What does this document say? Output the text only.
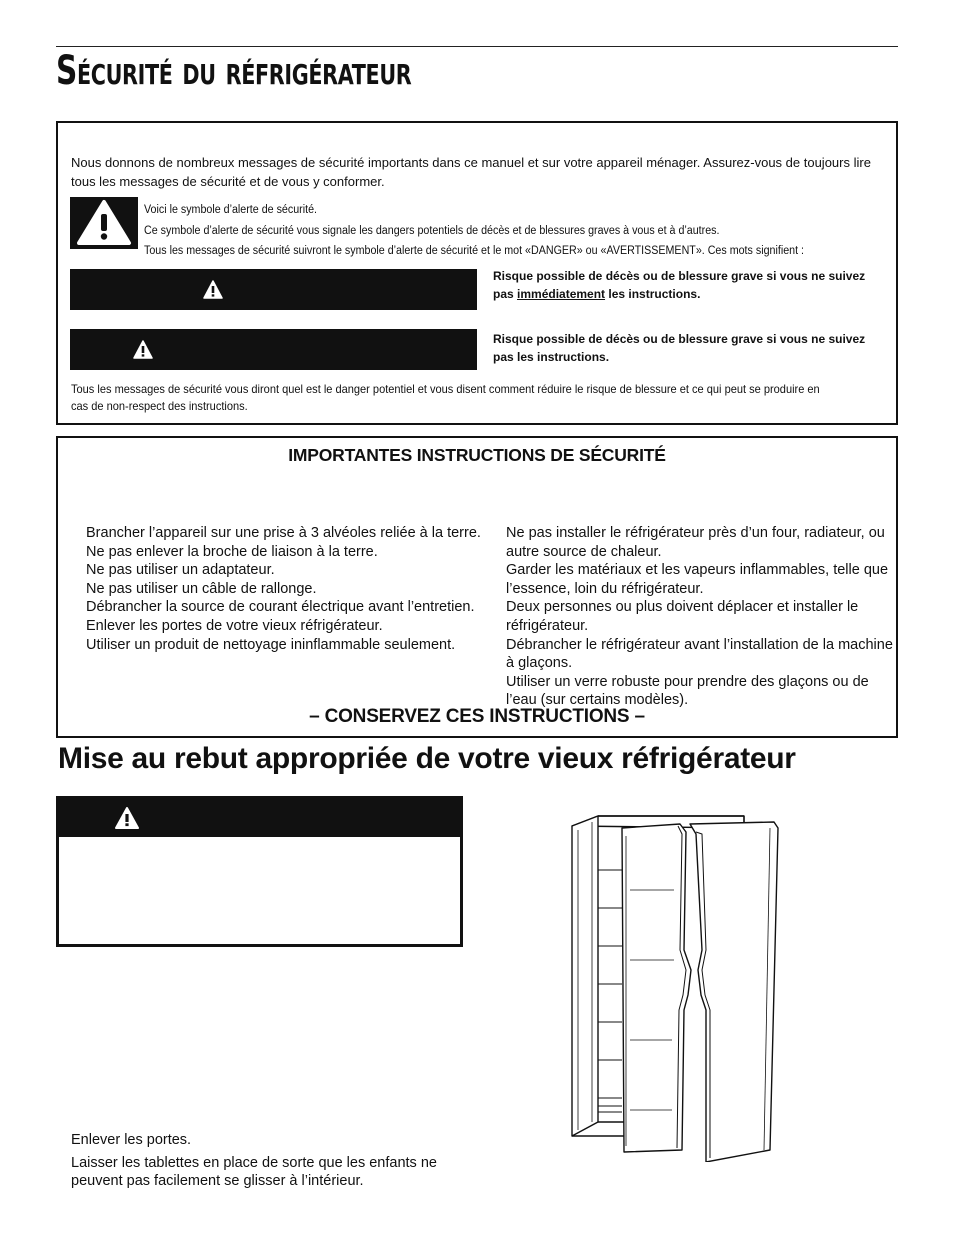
Sécurité du réfrigérateur

Nous donnons de nombreux messages de sécurité importants dans ce manuel et sur votre appareil ménager. Assurez-vous de toujours lire tous les messages de sécurité et de vous y conformer.

Voici le symbole d’alerte de sécurité.
Ce symbole d’alerte de sécurité vous signale les dangers potentiels de décès et de blessures graves à vous et à d’autres.
Tous les messages de sécurité suivront le symbole d’alerte de sécurité et le mot «DANGER» ou «AVERTISSEMENT». Ces mots signifient :

Risque possible de décès ou de blessure grave si vous ne suivez pas immédiatement les instructions.

Risque possible de décès ou de blessure grave si vous ne suivez pas les instructions.

Tous les messages de sécurité vous diront quel est le danger potentiel et vous disent comment réduire le risque de blessure et ce qui peut se produire en cas de non-respect des instructions.

IMPORTANTES INSTRUCTIONS DE SÉCURITÉ
Brancher l’appareil sur une prise à 3 alvéoles reliée à la terre.
Ne pas enlever la broche de liaison à la terre.
Ne pas utiliser un adaptateur.
Ne pas utiliser un câble de rallonge.
Débrancher la source de courant électrique avant l’entretien.
Enlever les portes de votre vieux réfrigérateur.
Utiliser un produit de nettoyage ininflammable seulement.
Ne pas installer le réfrigérateur près d’un four, radiateur, ou autre source de chaleur.
Garder les matériaux et les vapeurs inflammables, telle que l’essence, loin du réfrigérateur.
Deux personnes ou plus doivent déplacer et installer le réfrigérateur.
Débrancher le réfrigérateur avant l’installation de la machine à glaçons.
Utiliser un verre robuste pour prendre des glaçons ou de l’eau (sur certains modèles).
– CONSERVEZ CES INSTRUCTIONS –
Mise au rebut appropriée de votre vieux réfrigérateur
Enlever les portes.
Laisser les tablettes en place de sorte que les enfants ne peuvent pas facilement se glisser à l’intérieur.
